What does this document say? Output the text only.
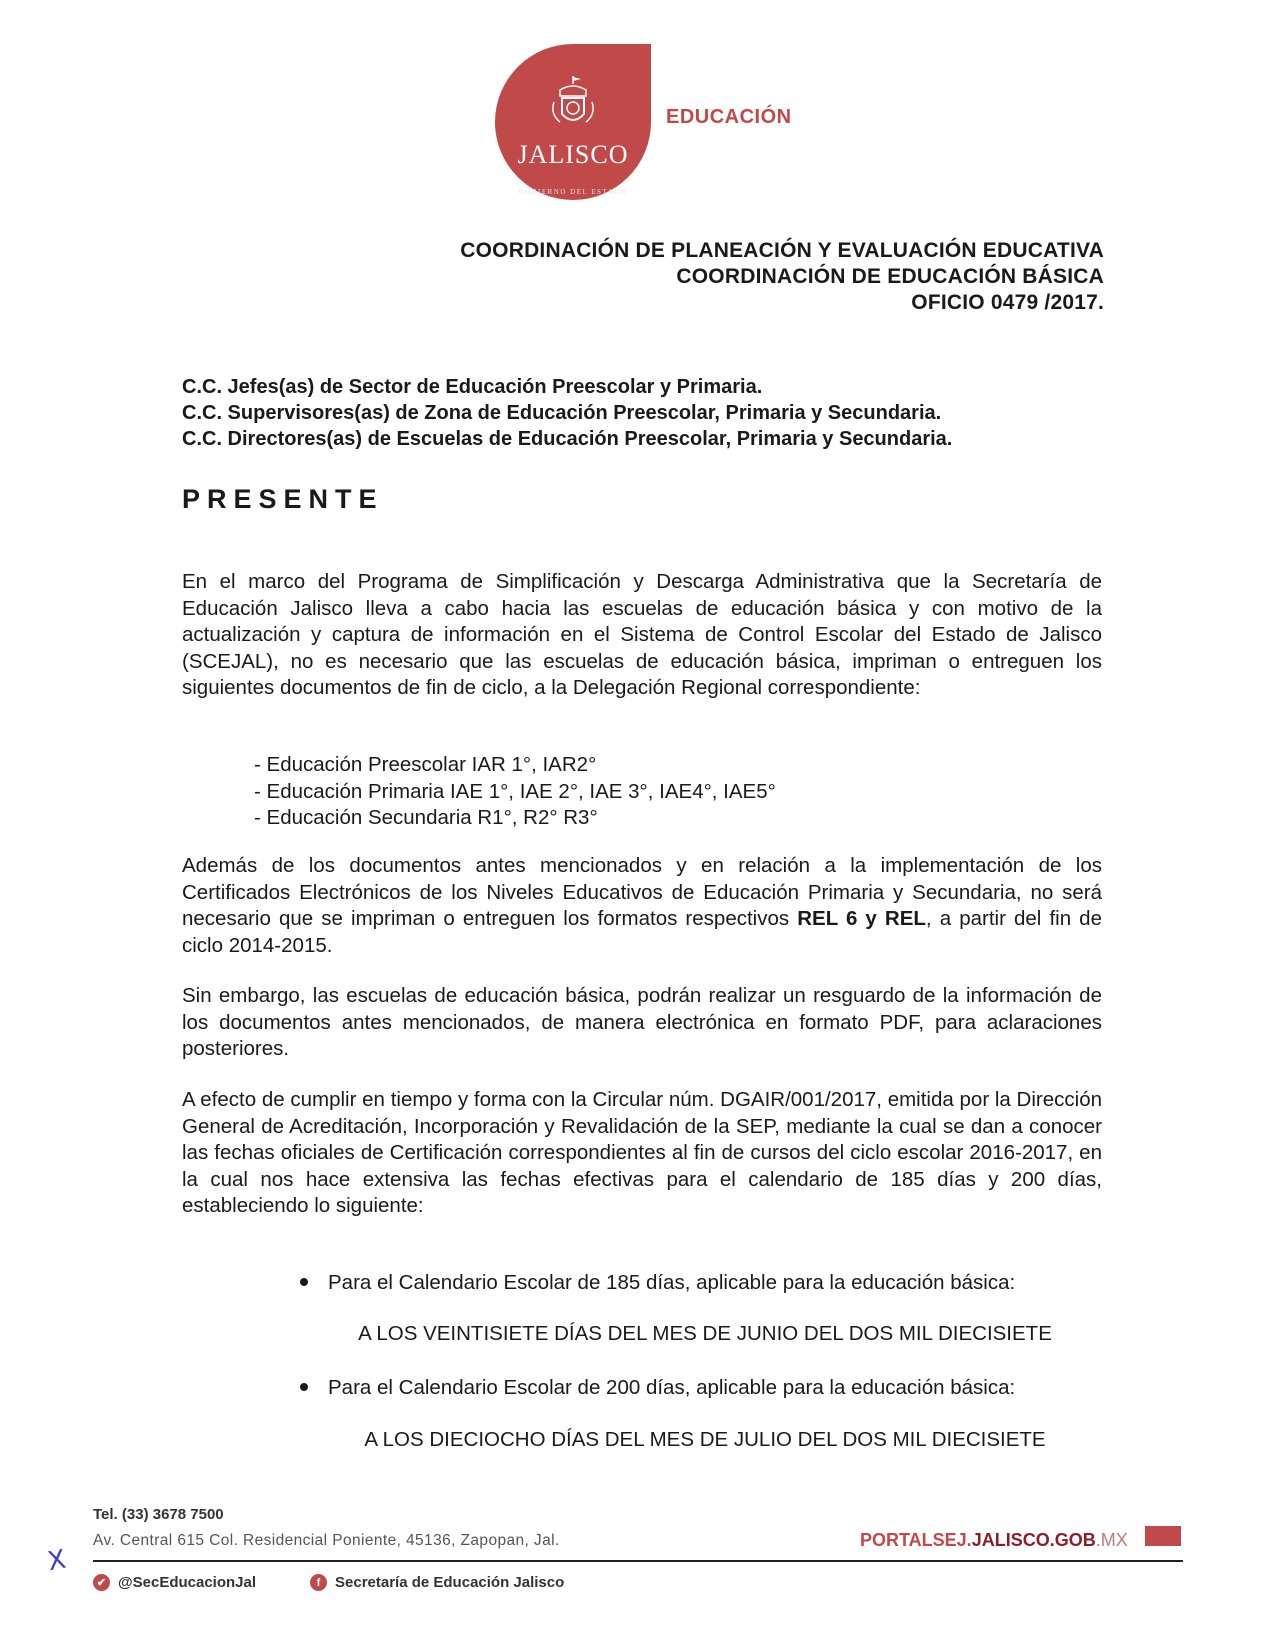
JALISCO
GOBIERNO DEL ESTADO
EDUCACIÓN
COORDINACIÓN DE PLANEACIÓN Y EVALUACIÓN EDUCATIVA
COORDINACIÓN DE EDUCACIÓN BÁSICA
OFICIO 0479 /2017.
C.C. Jefes(as) de Sector de Educación Preescolar y Primaria.
C.C. Supervisores(as) de Zona de Educación Preescolar, Primaria y Secundaria.
C.C. Directores(as) de Escuelas de Educación Preescolar, Primaria y Secundaria.
PRESENTE
En el marco del Programa de Simplificación y Descarga Administrativa que la Secretaría de Educación Jalisco lleva a cabo hacia las escuelas de educación básica y con motivo de la actualización y captura de información en el Sistema de Control Escolar del Estado de Jalisco (SCEJAL), no es necesario que las escuelas de educación básica, impriman o entreguen los siguientes documentos de fin de ciclo, a la Delegación Regional correspondiente:
- Educación Preescolar IAR 1°, IAR2°
- Educación Primaria IAE 1°, IAE 2°, IAE 3°, IAE4°, IAE5°
- Educación Secundaria R1°, R2° R3°
Además de los documentos antes mencionados y en relación a la implementación de los Certificados Electrónicos de los Niveles Educativos de Educación Primaria y Secundaria, no será necesario que se impriman o entreguen los formatos respectivos REL 6 y REL, a partir del fin de ciclo 2014-2015.
Sin embargo, las escuelas de educación básica, podrán realizar un resguardo de la información de los documentos antes mencionados, de manera electrónica en formato PDF, para aclaraciones posteriores.
A efecto de cumplir en tiempo y forma con la Circular núm. DGAIR/001/2017, emitida por la Dirección General de Acreditación, Incorporación y Revalidación de la SEP, mediante la cual se dan a conocer las fechas oficiales de Certificación correspondientes al fin de cursos del ciclo escolar 2016-2017, en la cual nos hace extensiva las fechas efectivas para el calendario de 185 días y 200 días, estableciendo lo siguiente:
Para el Calendario Escolar de 185 días, aplicable para la educación básica:
A LOS VEINTISIETE DÍAS DEL MES DE JUNIO DEL DOS MIL DIECISIETE
Para el Calendario Escolar de 200 días, aplicable para la educación básica:
A LOS DIECIOCHO DÍAS DEL MES DE JULIO DEL DOS MIL DIECISIETE
Tel. (33) 3678 7500
Av. Central 615 Col. Residencial Poniente, 45136, Zapopan, Jal.	PORTALSEJ.JALISCO.GOB.MX
✔ @SecEducacionJal	f Secretaría de Educación Jalisco
X
